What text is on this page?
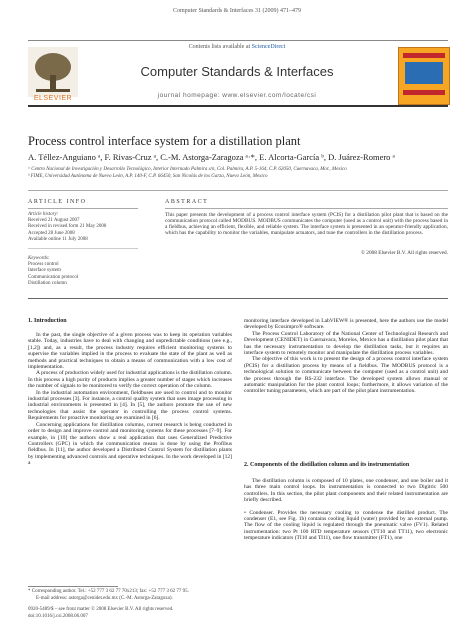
Computer Standards & Interfaces 31 (2009) 471–479
ELSEVIER
Contents lists available at ScienceDirect
Computer Standards & Interfaces
journal homepage: www.elsevier.com/locate/csi
Process control interface system for a distillation plant
A. Téllez-Anguiano ᵃ, F. Rivas-Cruz ᵃ, C.-M. Astorga-Zaragoza ᵃ·*, E. Alcorta-García ᵇ, D. Juárez-Romero ᵃ
ᵃ Centro Nacional de Investigación y Desarrollo Tecnológico, Interior Internado Palmira s/n, Col. Palmira, A.P. 5-164, C.P. 62050, Cuernavaca, Mor., Mexico
ᵇ FIME, Universidad Autónoma de Nuevo León, A.P. 140-F, C.P. 66450, San Nicolás de los Garza, Nuevo León, Mexico
ARTICLE INFO	ABSTRACT
Article history:
Received 21 August 2007
Received in revised form 21 May 2008
Accepted 28 June 2008
Available online 11 July 2008
Keywords:
Process control
Interface system
Communication protocol
Distillation column
This paper presents the development of a process control interface system (PCIS) for a distillation pilot plant that is based on the communication protocol called MODBUS. MODBUS communicates the computer (used as a control unit) with the process based in a fieldbus, achieving an efficient, flexible, and reliable system. The interface system is presented in an operator-friendly application, which has the capability to monitor the variables, manipulate actuators, and tune the controllers in the distillation process.
© 2008 Elsevier B.V. All rights reserved.
1. Introduction

In the past, the single objective of a given process was to keep its operation variables stable. Today, industries have to deal with changing and unpredictable conditions (see e.g., [1,2]) and, as a result, the process industry requires efficient monitoring systems to supervise the variables implied in the process to evaluate the state of the plant as well as methods and practical techniques to obtain a means of communication with a low cost of implementation.

A process of production widely used for industrial applications is the distillation column. In this process a high purity of products implies a greater number of stages which increases the number of signals to be monitored to verify the correct operation of the column.

In the industrial automation environment, fieldbuses are used to control and to monitor industrial processes [3]. For instance, a control quality system that uses image processing in industrial environments is presented in [4]. In [5], the authors promote the use of new technologies that assist the operator in controlling the process control systems. Requirements for proactive monitoring are examined in [6].

Concerning applications for distillation columns, current research is being conducted in order to design and improve control and monitoring systems for these processes [7–9]. For example, in [10] the authors show a real application that uses Generalized Predictive Controllers (GPC) in which the communication means is done by using the Profibus fieldbus. In [11], the author developed a Distributed Control System for distillation plants by implementing advanced controls and operative techniques. In the work developed in [12] a

monitoring interface developed in LabVIEW® is presented, here the authors use the model developed by Ecosimpro® software.

The Process Control Laboratory of the National Center of Technological Research and Development (CENIDET) in Cuernavaca, Morelos, Mexico has a distillation pilot plant that has the necessary instrumentation to develop the distillation tasks, but it requires an interface system to remotely monitor and manipulate the distillation process variables.

The objective of this work is to present the design of a process control interface system (PCIS) for a distillation process by means of a fieldbus. The MODBUS protocol is a technological solution to communicate between the computer (used as a control unit) and the process through the RS-232 interface. The developed system allows manual or automatic manipulation for the plant control loops; furthermore, it allows variation of the controller tuning parameters, which are part of the pilot plant instrumentation.

2. Components of the distillation column and its instrumentation

The distillation column is composed of 10 plates, one condenser, and one boiler and it has three main control loops. Its instrumentation is connected to two Digitric 500 controllers. In this section, the pilot plant components and their related instrumentation are briefly described.

• Condenser. Provides the necessary cooling to condense the distilled product. The condenser (E1, see Fig. 1b) contains cooling liquid (water) provided by an external pump. The flow of the cooling liquid is regulated through the pneumatic valve (FV1). Related instrumentation: two Pt 100 RTD temperature sensors (TT10 and TT11), two electronic temperature indicators (TI10 and TI11), one flow transmitter (FT1), one

* Corresponding author. Tel.: +52 777 3 62 77 70x213; fax: +52 777 3 62 77 95.
E-mail address: astorga@cenidet.edu.mx (C.-M. Astorga-Zaragoza).
0920-5489/$ – see front matter © 2008 Elsevier B.V. All rights reserved.
doi:10.1016/j.csi.2008.06.007
